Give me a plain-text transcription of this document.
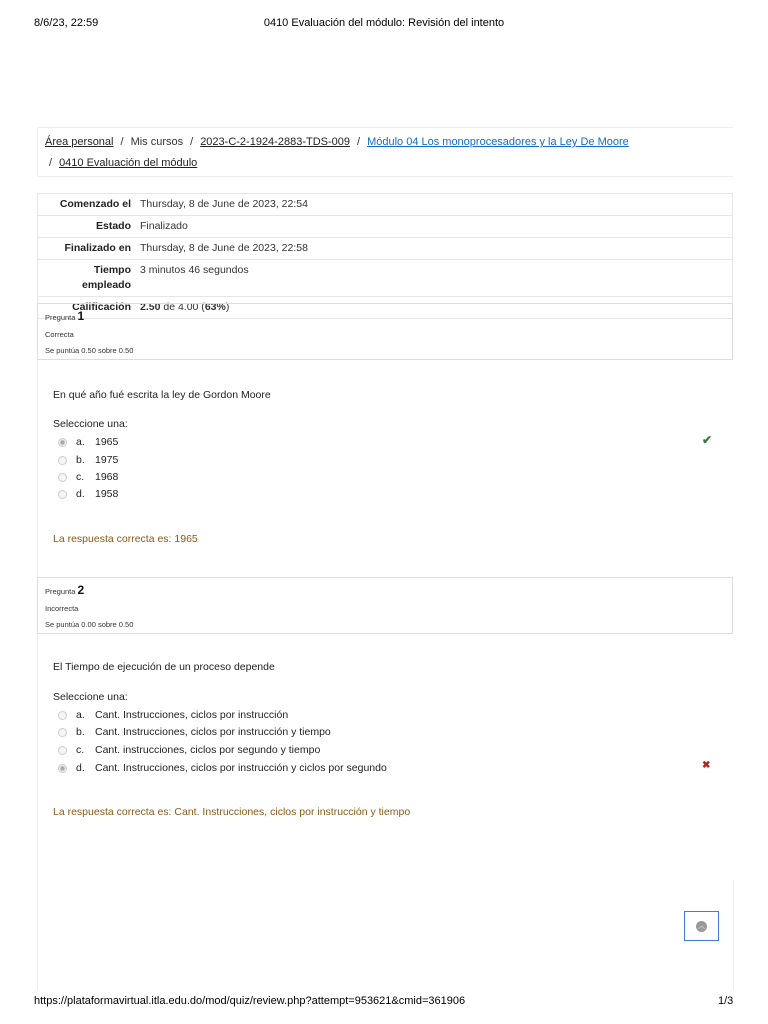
8/6/23, 22:59	0410 Evaluación del módulo: Revisión del intento
Área personal / Mis cursos / 2023-C-2-1924-2883-TDS-009 / Módulo 04 Los monoprocesadores y la Ley De Moore
/ 0410 Evaluación del módulo
Comenzado el Thursday, 8 de June de 2023, 22:54
Estado Finalizado
Finalizado en Thursday, 8 de June de 2023, 22:58
Tiempo empleado
3 minutos 46 segundos
Calificación 2.50 de 4.00 (63%)
Pregunta 1
Correcta
Se puntúa 0.50 sobre 0.50
En qué año fué escrita la ley de Gordon Moore
Seleccione una:
a. 1965
b. 1975
c.	1968
d. 1958
✔
La respuesta correcta es: 1965
Pregunta 2
Incorrecta
Se puntúa 0.00 sobre 0.50
El Tiempo de ejecución de un proceso depende
Seleccione una:
a. Cant. Instrucciones, ciclos por instrucción
b. Cant. Instrucciones, ciclos por instrucción y tiempo
c.	Cant. instrucciones, ciclos por segundo y tiempo
d. Cant. Instrucciones, ciclos por instrucción y ciclos por segundo	✖
La respuesta correcta es: Cant. Instrucciones, ciclos por instrucción y tiempo
︿
https://plataformavirtual.itla.edu.do/mod/quiz/review.php?attempt=953621&cmid=361906	1/3
